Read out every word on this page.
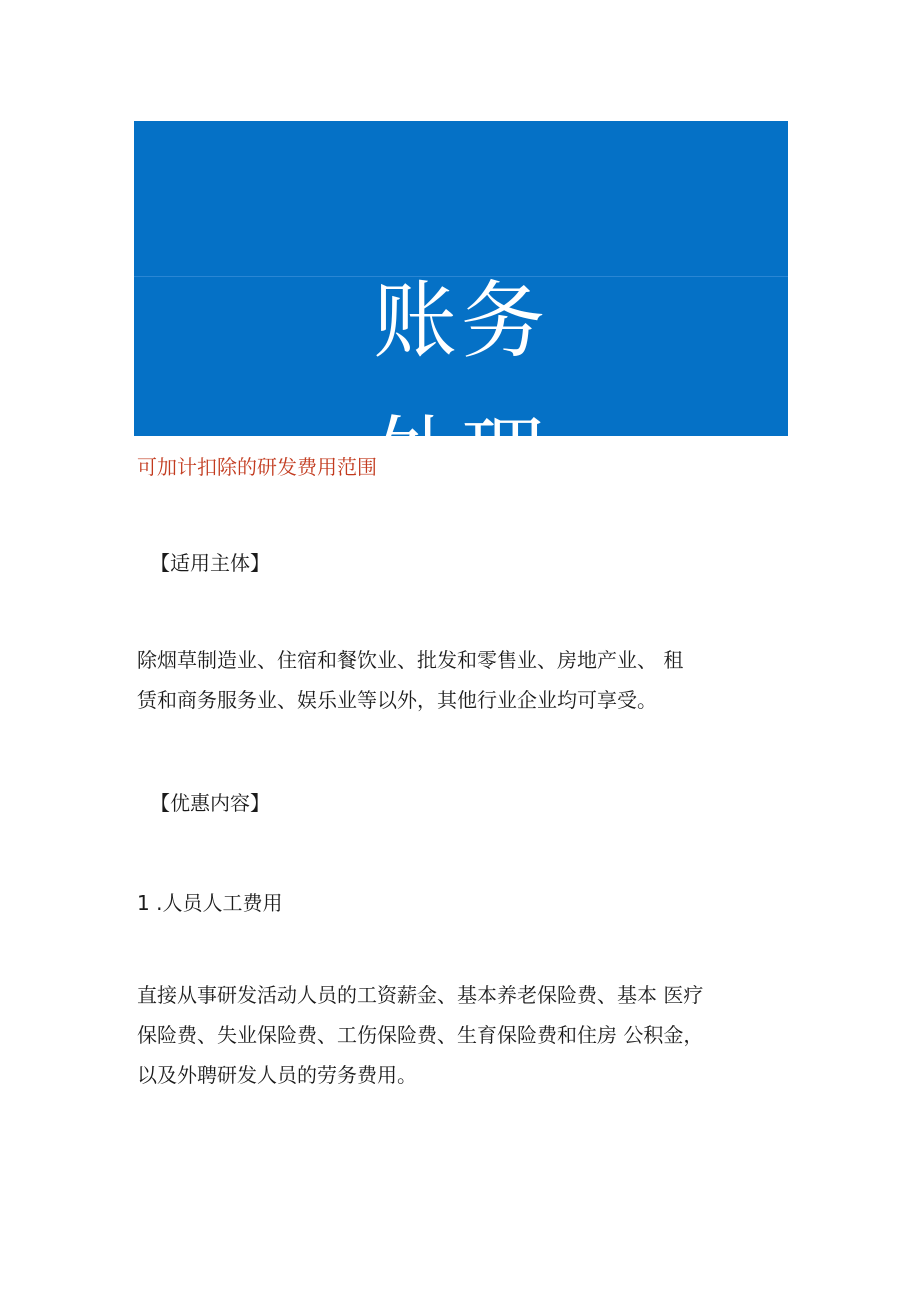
账务
处理
可加计扣除的研发费用范围
【适用主体】
除烟草制造业、住宿和餐饮业、批发和零售业、房地产业、 租
赁和商务服务业、娱乐业等以外，其他行业企业均可享受。
【优惠内容】
1 .人员人工费用
直接从事研发活动人员的工资薪金、基本养老保险费、基本 医疗
保险费、失业保险费、工伤保险费、生育保险费和住房 公积金，
以及外聘研发人员的劳务费用。
